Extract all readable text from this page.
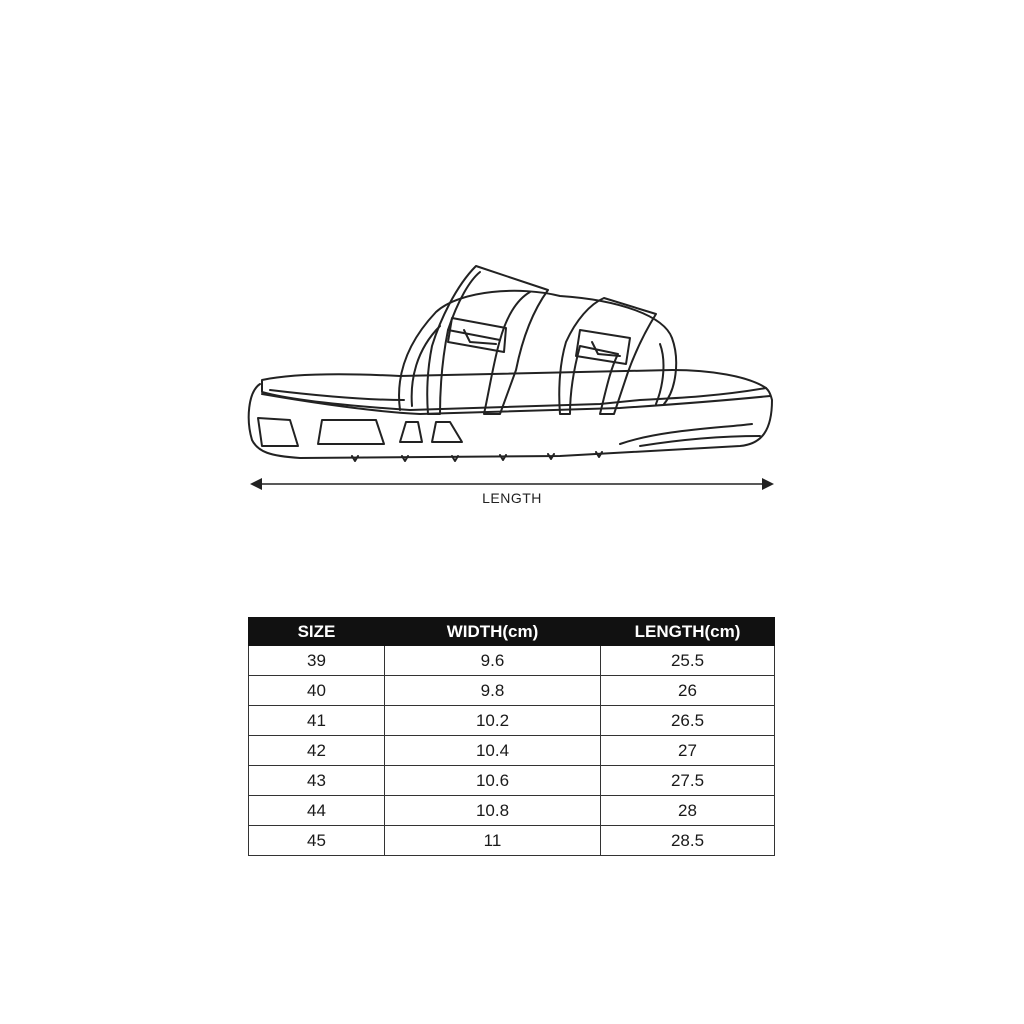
LENGTH
SIZE	WIDTH(cm)	LENGTH(cm)
39	9.6	25.5
40	9.8	26
41	10.2	26.5
42	10.4	27
43	10.6	27.5
44	10.8	28
45	11	28.5
